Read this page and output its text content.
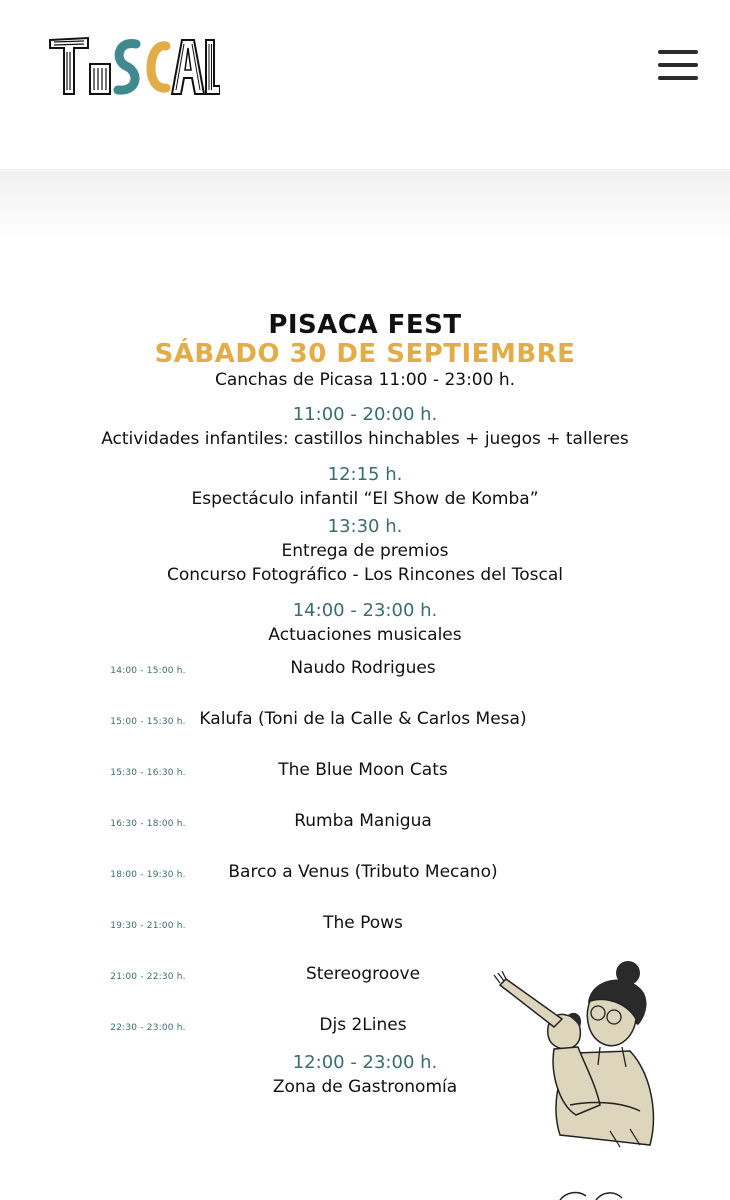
PISACA FEST
SÁBADO 30 DE SEPTIEMBRE
Canchas de Picasa 11:00 - 23:00 h.
11:00 - 20:00 h.
Actividades infantiles: castillos hinchables + juegos + talleres
12:15 h.
Espectáculo infantil “El Show de Komba”
13:30 h.
Entrega de premios
Concurso Fotográfico - Los Rincones del Toscal
14:00 - 23:00 h.
Actuaciones musicales
14:00 - 15:00 h.	Naudo Rodrigues
15:00 - 15:30 h. Kalufa (Toni de la Calle & Carlos Mesa)
15:30 - 16:30 h.	The Blue Moon Cats
16:30 - 18:00 h.	Rumba Manigua
18:00 - 19:30 h.	Barco a Venus (Tributo Mecano)
19:30 - 21:00 h.	The Pows
21:00 - 22:30 h.	Stereogroove
22:30 - 23:00 h.	Djs 2Lines
12:00 - 23:00 h.
Zona de Gastronomía
